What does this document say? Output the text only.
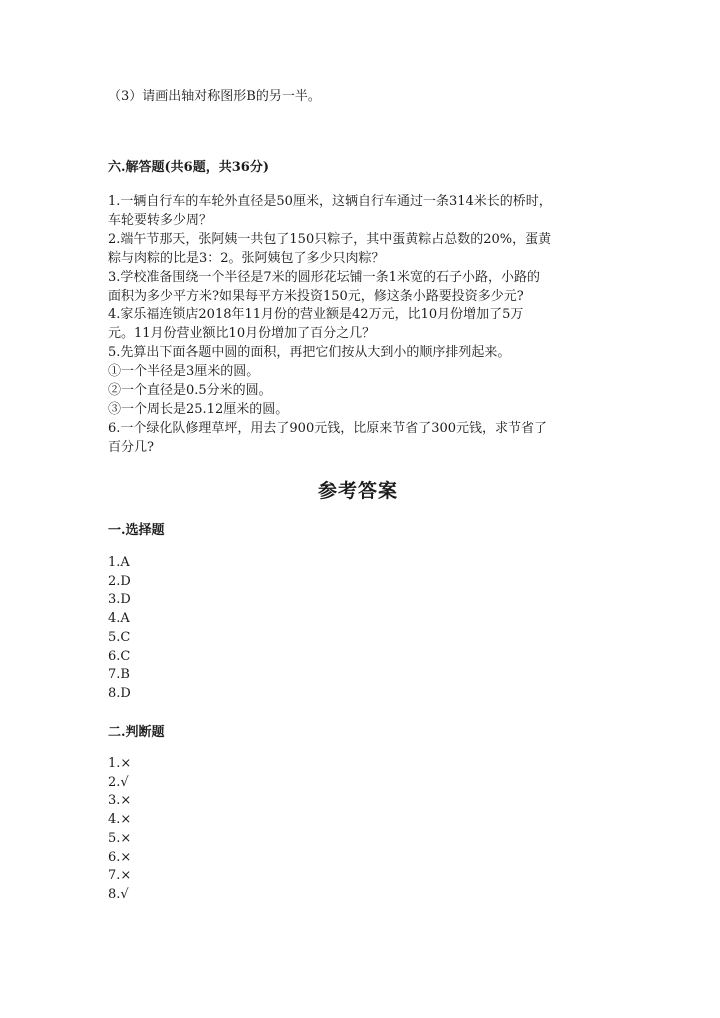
（3）请画出轴对称图形B的另一半。
六.解答题(共6题，共36分)
1.一辆自行车的车轮外直径是50厘米，这辆自行车通过一条314米长的桥时，
车轮要转多少周？
2.端午节那天，张阿姨一共包了150只粽子，其中蛋黄粽占总数的20%，蛋黄
粽与肉粽的比是3：2。张阿姨包了多少只肉粽？
3.学校准备围绕一个半径是7米的圆形花坛铺一条1米宽的石子小路，小路的
面积为多少平方米?如果每平方米投资150元，修这条小路要投资多少元?
4.家乐福连锁店2018年11月份的营业额是42万元，比10月份增加了5万
元。11月份营业额比10月份增加了百分之几？
5.先算出下面各题中圆的面积，再把它们按从大到小的顺序排列起来。
①一个半径是3厘米的圆。
②一个直径是0.5分米的圆。
③一个周长是25.12厘米的圆。
6.一个绿化队修理草坪，用去了900元钱，比原来节省了300元钱，求节省了
百分几?
参考答案
一.选择题
1.A
2.D
3.D
4.A
5.C
6.C
7.B
8.D
二.判断题
1.×
2.√
3.×
4.×
5.×
6.×
7.×
8.√
